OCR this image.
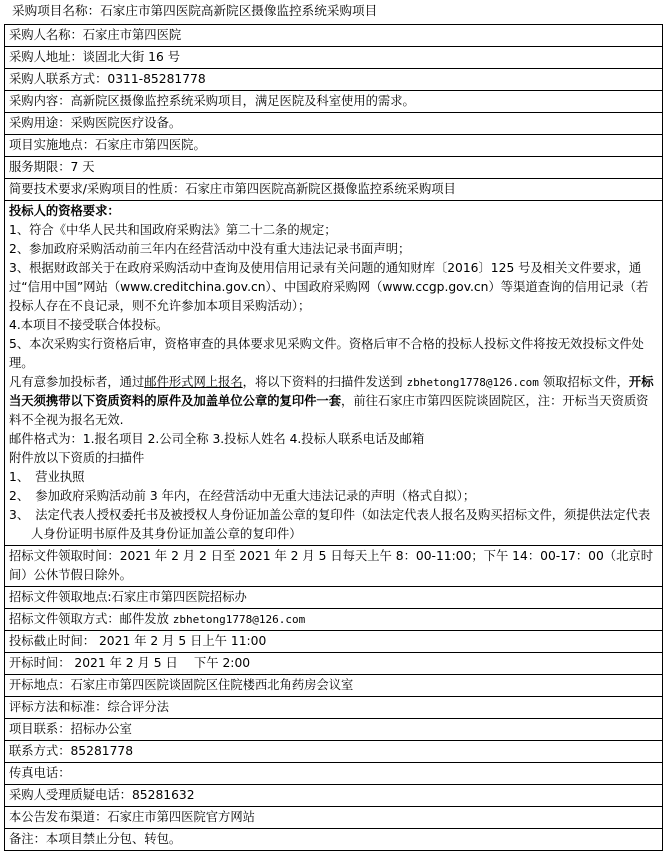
采购项目名称：石家庄市第四医院高新院区摄像监控系统采购项目
采购人名称：石家庄市第四医院
采购人地址：谈固北大街 16 号
采购人联系方式：0311-85281778
采购内容：高新院区摄像监控系统采购项目，满足医院及科室使用的需求。
采购用途：采购医院医疗设备。
项目实施地点：石家庄市第四医院。
服务期限：7 天
简要技术要求/采购项目的性质：石家庄市第四医院高新院区摄像监控系统采购项目

投标人的资格要求：
1、符合《中华人民共和国政府采购法》第二十二条的规定；
2、参加政府采购活动前三年内在经营活动中没有重大违法记录书面声明；
3、根据财政部关于在政府采购活动中查询及使用信用记录有关问题的通知财库〔2016〕125 号及相关文件要求，通过“信用中国”网站（www.creditchina.gov.cn）、中国政府采购网（www.ccgp.gov.cn）等渠道查询的信用记录（若投标人存在不良记录，则不允许参加本项目采购活动）；
4.本项目不接受联合体投标。
5、本次采购实行资格后审，资格审查的具体要求见采购文件。资格后审不合格的投标人投标文件将按无效投标文件处理。
凡有意参加投标者，通过邮件形式网上报名，将以下资料的扫描件发送到 zbhetong1778@126.com 领取招标文件，开标当天须携带以下资质资料的原件及加盖单位公章的复印件一套，前往石家庄市第四医院谈固院区，注：开标当天资质资料不全视为报名无效.
邮件格式为：1.报名项目 2.公司全称 3.投标人姓名 4.投标人联系电话及邮箱
附件放以下资质的扫描件
1、　营业执照
2、　参加政府采购活动前 3 年内，在经营活动中无重大违法记录的声明（格式自拟）；
3、　法定代表人授权委托书及被授权人身份证加盖公章的复印件（如法定代表人报名及购买招标文件，须提供法定代表人身份证明书原件及其身份证加盖公章的复印件）

招标文件领取时间：2021 年 2 月 2 日至 2021 年 2 月 5 日每天上午 8：00-11:00；下午 14：00-17：00（北京时间）公休节假日除外。
招标文件领取地点:石家庄市第四医院招标办
招标文件领取方式：邮件发放 zbhetong1778@126.com
投标截止时间： 2021 年 2 月 5 日上午 11:00
开标时间： 2021 年 2 月 5 日　 下午 2:00
开标地点：石家庄市第四医院谈固院区住院楼西北角药房会议室
评标方法和标准：综合评分法
项目联系：招标办公室
联系方式：85281778
传真电话：
采购人受理质疑电话：85281632
本公告发布渠道：石家庄市第四医院官方网站
备注：本项目禁止分包、转包。
